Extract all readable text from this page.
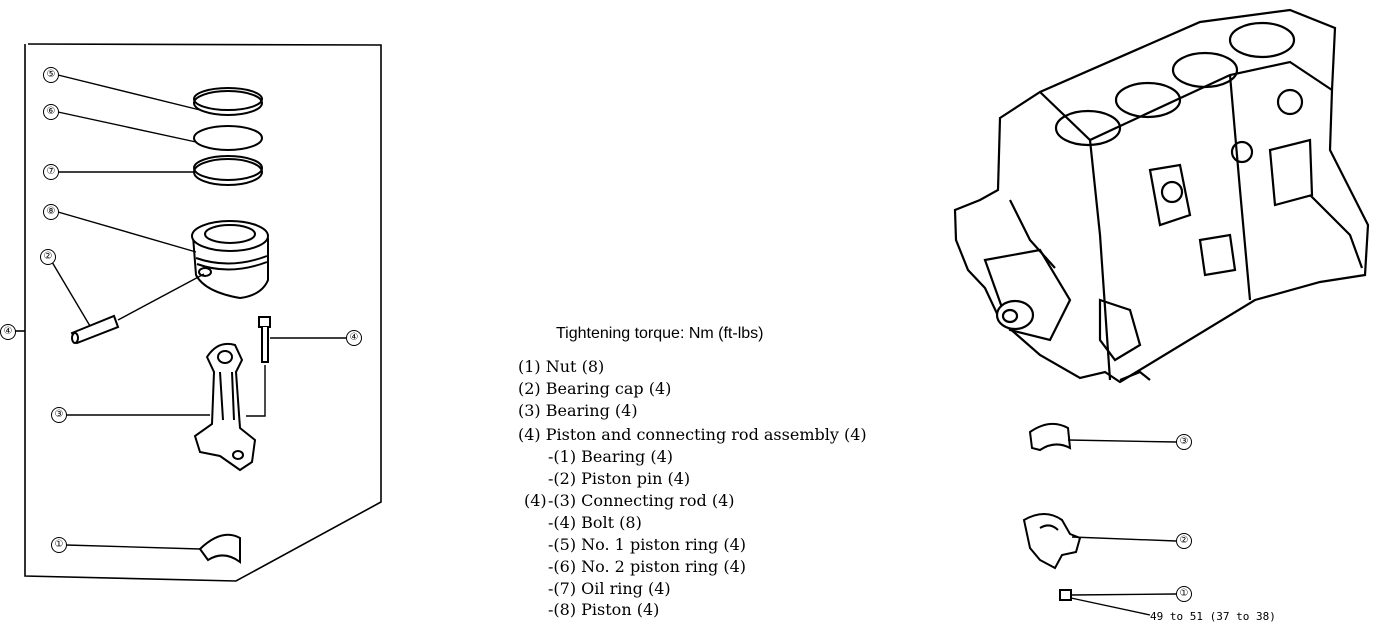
⑤
⑥
⑦
⑧
②
③
④
④
①
③
②
①
49 to 51 (37 to 38)
Tightening torque: Nm (ft-lbs)
(1) Nut (8)
(2) Bearing cap (4)
(3) Bearing (4)
(4) Piston and connecting rod assembly (4)
-(1) Bearing (4)
-(2) Piston pin (4)
(4) -(3) Connecting rod (4)
-(4) Bolt (8)
-(5) No. 1 piston ring (4)
-(6) No. 2 piston ring (4)
-(7) Oil ring (4)
-(8) Piston (4)
